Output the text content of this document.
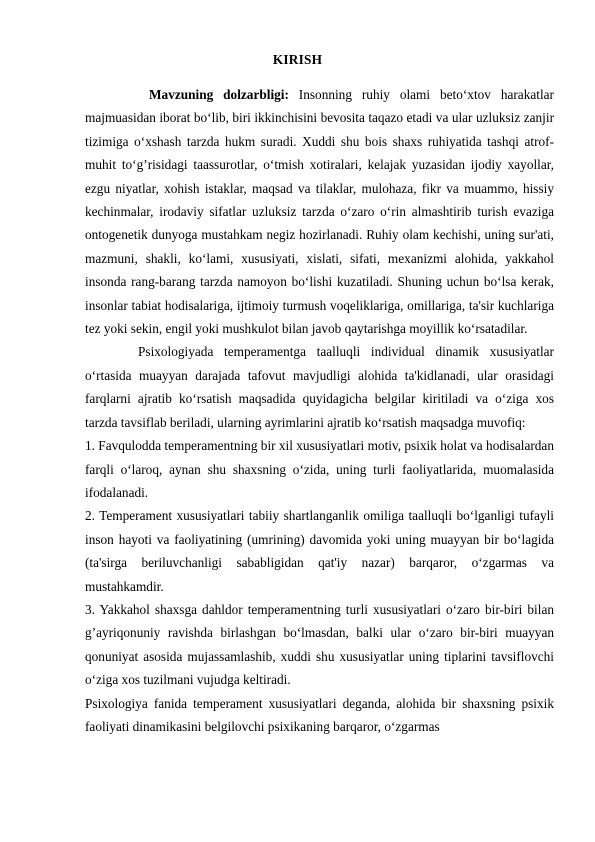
KIRISH

Mavzuning dolzarbligi: Insonning ruhiy olami beto‘xtov harakatlar majmuasidan iborat bo‘lib, biri ikkinchisini bevosita taqazo etadi va ular uzluksiz zanjir tizimiga o‘xshash tarzda hukm suradi. Xuddi shu bois shaxs ruhiyatida tashqi atrof-muhit to‘g’risidagi taassurotlar, o‘tmish xotiralari, kelajak yuzasidan ijodiy xayollar, ezgu niyatlar, xohish istaklar, maqsad va tilaklar, mulohaza, fikr va muammo, hissiy kechinmalar, irodaviy sifatlar uzluksiz tarzda o‘zaro o‘rin almashtirib turish evaziga ontogenetik dunyoga mustahkam negiz hozirlanadi. Ruhiy olam kechishi, uning sur'ati, mazmuni, shakli, ko‘lami, xususiyati, xislati, sifati, mexanizmi alohida, yakkahol insonda rang-barang tarzda namoyon bo‘lishi kuzatiladi. Shuning uchun bo‘lsa kerak, insonlar tabiat hodisalariga, ijtimoiy turmush voqeliklariga, omillariga, ta'sir kuchlariga tez yoki sekin, engil yoki mushkulot bilan javob qaytarishga moyillik ko‘rsatadilar.

Psixologiyada temperamentga taalluqli individual dinamik xususiyatlar o‘rtasida muayyan darajada tafovut mavjudligi alohida ta'kidlanadi, ular orasidagi farqlarni ajratib ko‘rsatish maqsadida quyidagicha belgilar kiritiladi va o‘ziga xos tarzda tavsiflab beriladi, ularning ayrimlarini ajratib ko‘rsatish maqsadga muvofiq:

1. Favqulodda temperamentning bir xil xususiyatlari motiv, psixik holat va hodisalardan farqli o‘laroq, aynan shu shaxsning o‘zida, uning turli faoliyatlarida, muomalasida ifodalanadi.

2. Temperament xususiyatlari tabiiy shartlanganlik omiliga taalluqli bo‘lganligi tufayli inson hayoti va faoliyatining (umrining) davomida yoki uning muayyan bir bo‘lagida (ta'sirga beriluvchanligi sababligidan qat'iy nazar) barqaror, o‘zgarmas va mustahkamdir.

3. Yakkahol shaxsga dahldor temperamentning turli xususiyatlari o‘zaro bir-biri bilan g’ayriqonuniy ravishda birlashgan bo‘lmasdan, balki ular o‘zaro bir-biri muayyan qonuniyat asosida mujassamlashib, xuddi shu xususiyatlar uning tiplarini tavsiflovchi o‘ziga xos tuzilmani vujudga keltiradi.

Psixologiya fanida temperament xususiyatlari deganda, alohida bir shaxsning psixik faoliyati dinamikasini belgilovchi psixikaning barqaror, o‘zgarmas
